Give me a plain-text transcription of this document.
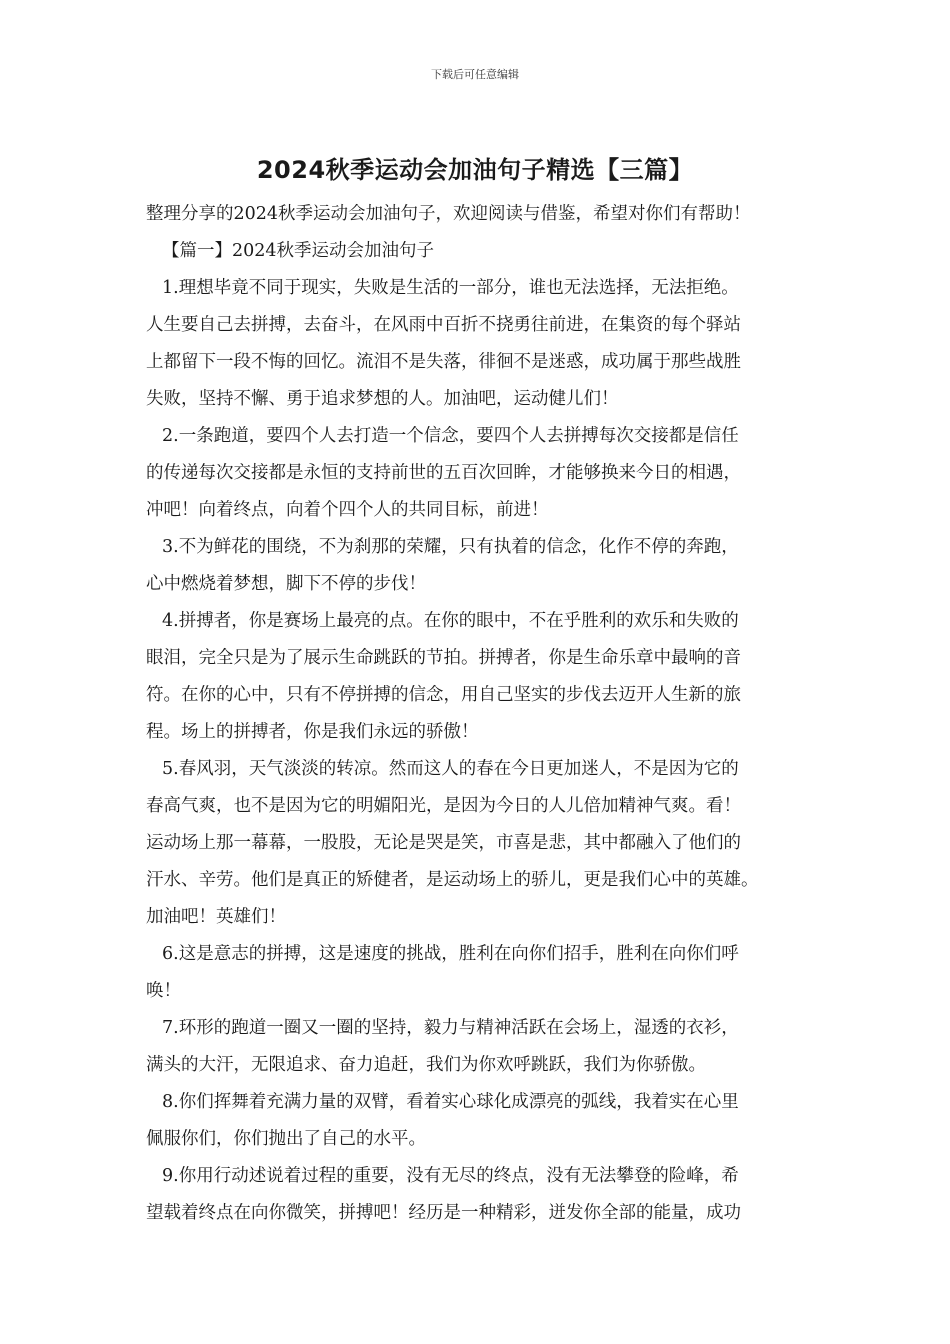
下载后可任意编辑
2024秋季运动会加油句子精选【三篇】
整理分享的2024秋季运动会加油句子，欢迎阅读与借鉴，希望对你们有帮助！
【篇一】2024秋季运动会加油句子
1.理想毕竟不同于现实，失败是生活的一部分，谁也无法选择，无法拒绝。
人生要自己去拼搏，去奋斗，在风雨中百折不挠勇往前进，在集资的每个驿站
上都留下一段不悔的回忆。流泪不是失落，徘徊不是迷惑，成功属于那些战胜
失败，坚持不懈、勇于追求梦想的人。加油吧，运动健儿们！
2.一条跑道，要四个人去打造一个信念，要四个人去拼搏每次交接都是信任
的传递每次交接都是永恒的支持前世的五百次回眸，才能够换来今日的相遇，
冲吧！向着终点，向着个四个人的共同目标，前进！
3.不为鲜花的围绕，不为刹那的荣耀，只有执着的信念，化作不停的奔跑，
心中燃烧着梦想，脚下不停的步伐！
4.拼搏者，你是赛场上最亮的点。在你的眼中，不在乎胜利的欢乐和失败的
眼泪，完全只是为了展示生命跳跃的节拍。拼搏者，你是生命乐章中最响的音
符。在你的心中，只有不停拼搏的信念，用自己坚实的步伐去迈开人生新的旅
程。场上的拼搏者，你是我们永远的骄傲！
5.春风羽，天气淡淡的转凉。然而这人的春在今日更加迷人，不是因为它的
春高气爽，也不是因为它的明媚阳光，是因为今日的人儿倍加精神气爽。看！
运动场上那一幕幕，一股股，无论是哭是笑，市喜是悲，其中都融入了他们的
汗水、辛劳。他们是真正的矫健者，是运动场上的骄儿，更是我们心中的英雄。
加油吧！英雄们！
6.这是意志的拼搏，这是速度的挑战，胜利在向你们招手，胜利在向你们呼
唤！
7.环形的跑道一圈又一圈的坚持，毅力与精神活跃在会场上，湿透的衣衫，
满头的大汗，无限追求、奋力追赶，我们为你欢呼跳跃，我们为你骄傲。
8.你们挥舞着充满力量的双臂，看着实心球化成漂亮的弧线，我着实在心里
佩服你们，你们抛出了自己的水平。
9.你用行动述说着过程的重要，没有无尽的终点，没有无法攀登的险峰，希
望载着终点在向你微笑，拼搏吧！经历是一种精彩，迸发你全部的能量，成功
